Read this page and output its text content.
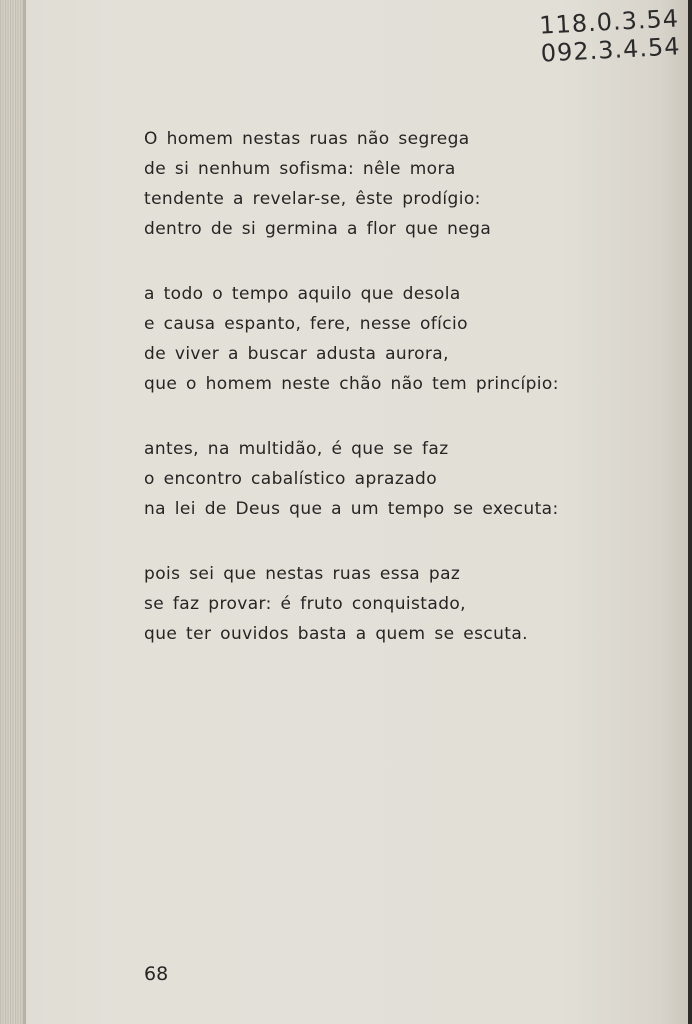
118.0.3.54
092.3.4.54
O homem nestas ruas não segrega
de si nenhum sofisma: nêle mora
tendente a revelar-se, êste prodígio:
dentro de si germina a flor que nega
a todo o tempo aquilo que desola
e causa espanto, fere, nesse ofício
de viver a buscar adusta aurora,
que o homem neste chão não tem princípio:
antes, na multidão, é que se faz
o encontro cabalístico aprazado
na lei de Deus que a um tempo se executa:
pois sei que nestas ruas essa paz
se faz provar: é fruto conquistado,
que ter ouvidos basta a quem se escuta.
68
